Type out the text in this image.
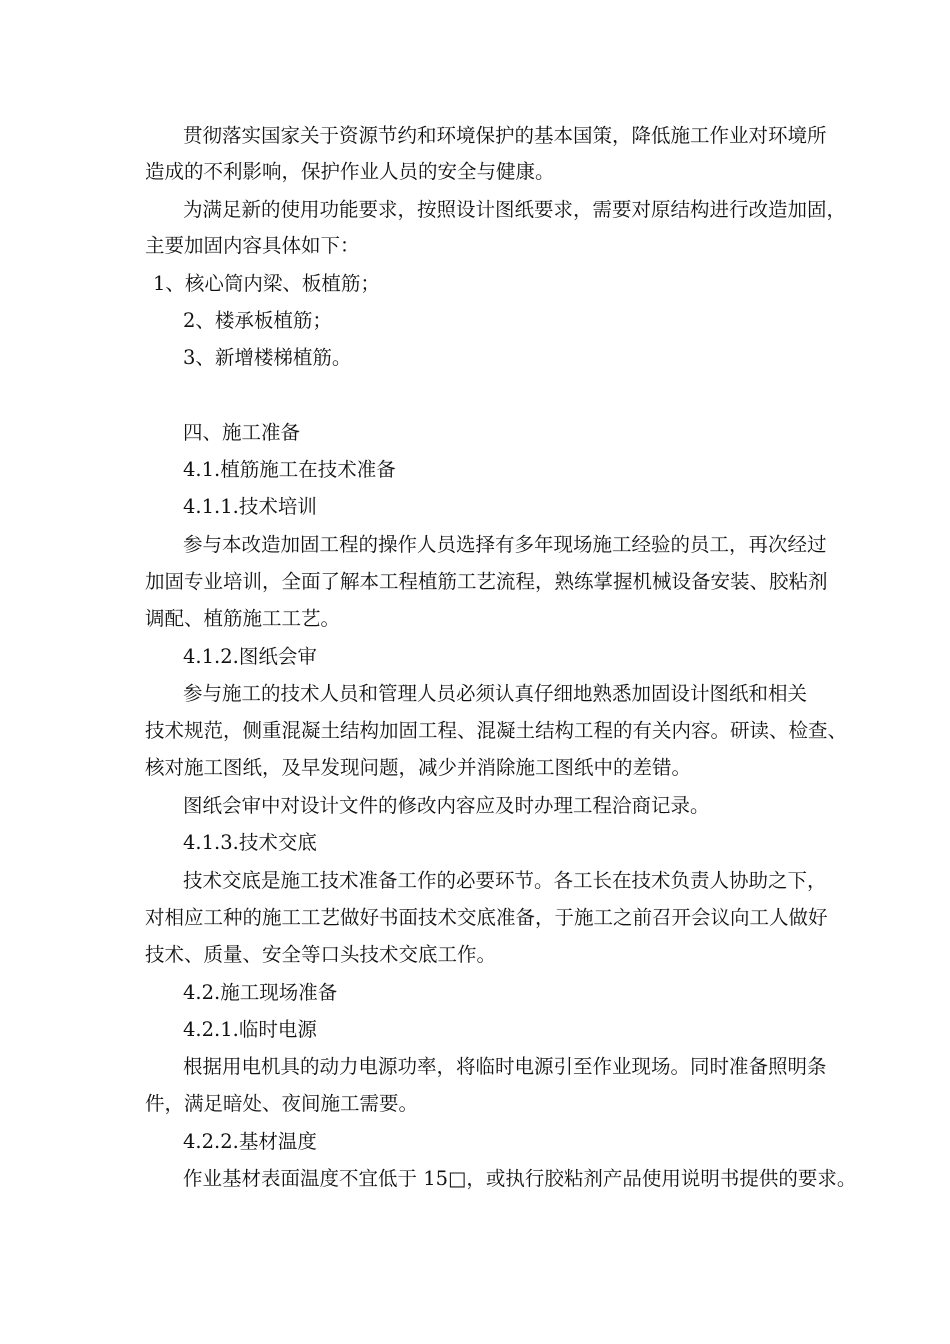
贯彻落实国家关于资源节约和环境保护的基本国策，降低施工作业对环境所
造成的不利影响，保护作业人员的安全与健康。
为满足新的使用功能要求，按照设计图纸要求，需要对原结构进行改造加固，
主要加固内容具体如下：
1、核心筒内梁、板植筋；
2、楼承板植筋；
3、新增楼梯植筋。
四、施工准备
4.1.植筋施工在技术准备
4.1.1.技术培训
参与本改造加固工程的操作人员选择有多年现场施工经验的员工，再次经过
加固专业培训，全面了解本工程植筋工艺流程，熟练掌握机械设备安装、胶粘剂
调配、植筋施工工艺。
4.1.2.图纸会审
参与施工的技术人员和管理人员必须认真仔细地熟悉加固设计图纸和相关
技术规范，侧重混凝土结构加固工程、混凝土结构工程的有关内容。研读、检查、
核对施工图纸，及早发现问题，减少并消除施工图纸中的差错。
图纸会审中对设计文件的修改内容应及时办理工程洽商记录。
4.1.3.技术交底
技术交底是施工技术准备工作的必要环节。各工长在技术负责人协助之下，
对相应工种的施工工艺做好书面技术交底准备，于施工之前召开会议向工人做好
技术、质量、安全等口头技术交底工作。
4.2.施工现场准备
4.2.1.临时电源
根据用电机具的动力电源功率，将临时电源引至作业现场。同时准备照明条
件，满足暗处、夜间施工需要。
4.2.2.基材温度
作业基材表面温度不宜低于 15□，或执行胶粘剂产品使用说明书提供的要求。
